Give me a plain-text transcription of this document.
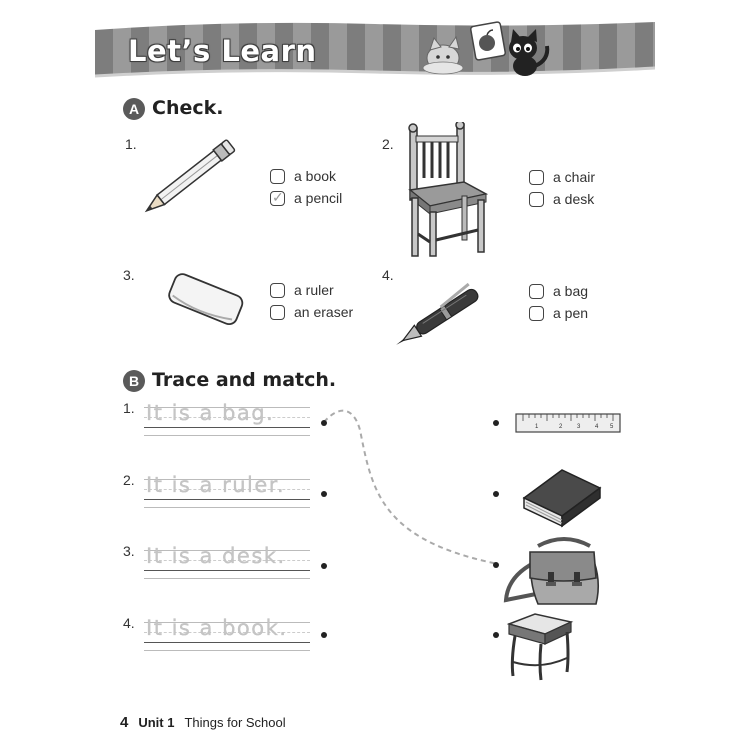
Let’s Learn
A Check.
1.
a book
✓ a pencil
2.
a chair
a desk
3.
a ruler
an eraser
4.
a bag
a pen
B Trace and match.
1. It is a bag.
2. It is a ruler.
3. It is a desk.
4. It is a book.
1	2 3 4 5
4 Unit 1 Things for School
